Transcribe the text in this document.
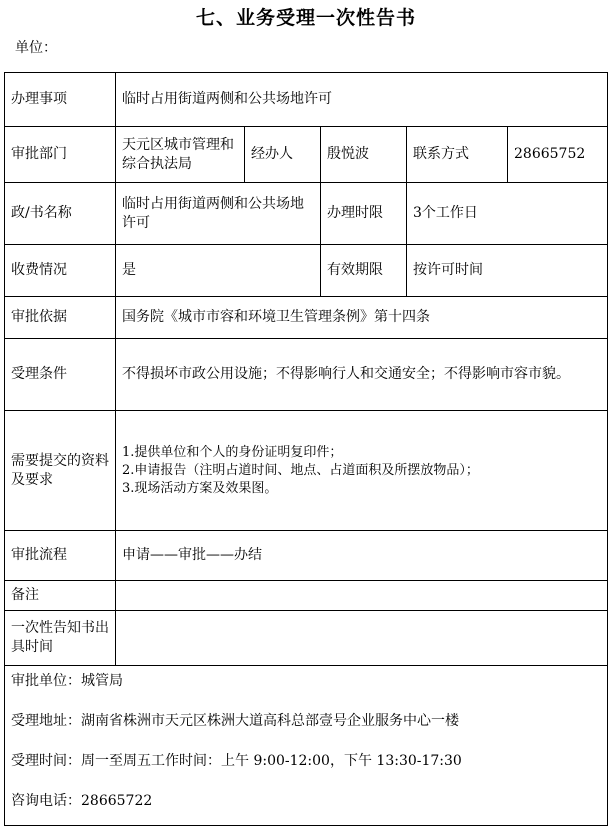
七、业务受理一次性告书
单位：
办理事项	临时占用街道两侧和公共场地许可				
审批部门	天元区城市管理和综合执法局	经办人	殷悦波	联系方式	28665752
政/书名称	临时占用街道两侧和公共场地许可		办理时限	3个工作日	
收费情况	是		有效期限	按许可时间	
审批依据	国务院《城市市容和环境卫生管理条例》第十四条				
受理条件	不得损坏市政公用设施；不得影响行人和交通安全；不得影响市容市貌。				
需要提交的资料及要求	1.提供单位和个人的身份证明复印件；
2.申请报告（注明占道时间、地点、占道面积及所摆放物品）；
3.现场活动方案及效果图。				

审批流程	申请——审批——办结				
备注					
一次性告知书出具时间					

审批单位：城管局
受理地址：湖南省株洲市天元区株洲大道高科总部壹号企业服务中心一楼
受理时间：周一至周五工作时间：上午 9:00-12:00，下午 13:30-17:30
咨询电话：28665722					
